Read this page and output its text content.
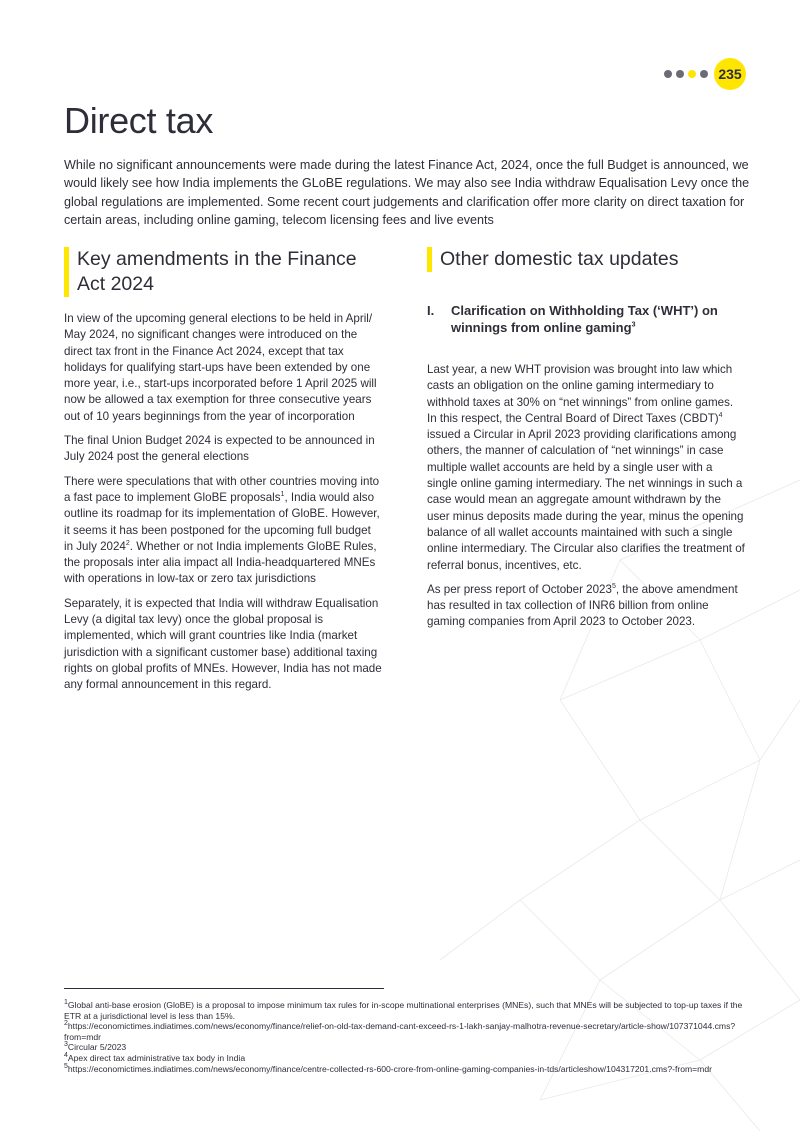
235
Direct tax

While no significant announcements were made during the latest Finance Act, 2024, once the full Budget is announced, we would likely see how India implements the GLoBE regulations. We may also see India withdraw Equalisation Levy once the global regulations are implemented. Some recent court judgements and clarification offer more clarity on direct taxation for certain areas, including online gaming, telecom licensing fees and live events

Key amendments in the Finance Act 2024

In view of the upcoming general elections to be held in April/ May 2024, no significant changes were introduced on the direct tax front in the Finance Act 2024, except that tax holidays for qualifying start-ups have been extended by one more year, i.e., start-ups incorporated before 1 April 2025 will now be allowed a tax exemption for three consecutive years out of 10 years beginnings from the year of incorporation

The final Union Budget 2024 is expected to be announced in July 2024 post the general elections

There were speculations that with other countries moving into a fast pace to implement GloBE proposals$^1$, India would also outline its roadmap for its implementation of GloBE. However, it seems it has been postponed for the upcoming full budget in July 2024$^2$. Whether or not India implements GloBE Rules, the proposals inter alia impact all India-headquartered MNEs with operations in low-tax or zero tax jurisdictions

Separately, it is expected that India will withdraw Equalisation Levy (a digital tax levy) once the global proposal is implemented, which will grant countries like India (market jurisdiction with a significant customer base) additional taxing rights on global profits of MNEs. However, India has not made any formal announcement in this regard.

Other domestic tax updates
I.	Clarification on Withholding Tax (‘WHT’) on winnings from online gaming$^3$

Last year, a new WHT provision was brought into law which casts an obligation on the online gaming intermediary to withhold taxes at 30% on “net winnings” from online games. In this respect, the Central Board of Direct Taxes (CBDT)$^4$ issued a Circular in April 2023 providing clarifications among others, the manner of calculation of “net winnings” in case multiple wallet accounts are held by a single user with a single online gaming intermediary. The net winnings in such a case would mean an aggregate amount withdrawn by the user minus deposits made during the year, minus the opening balance of all wallet accounts maintained with such a single online intermediary. The Circular also clarifies the treatment of referral bonus, incentives, etc.

As per press report of October 2023$^5$, the above amendment has resulted in tax collection of INR6 billion from online gaming companies from April 2023 to October 2023.

$^1$Global anti-base erosion (GloBE) is a proposal to impose minimum tax rules for in-scope multinational enterprises (MNEs), such that MNEs will be subjected to top-up taxes if the ETR at a jurisdictional level is less than 15%.
$^2$https://economictimes.indiatimes.com/news/economy/finance/relief-on-old-tax-demand-cant-exceed-rs-1-lakh-sanjay-malhotra-revenue-secretary/article-show/107371044.cms?from=mdr
$^3$Circular 5/2023
$^4$Apex direct tax administrative tax body in India
$^5$https://economictimes.indiatimes.com/news/economy/finance/centre-collected-rs-600-crore-from-online-gaming-companies-in-tds/articleshow/104317201.cms?-from=mdr
